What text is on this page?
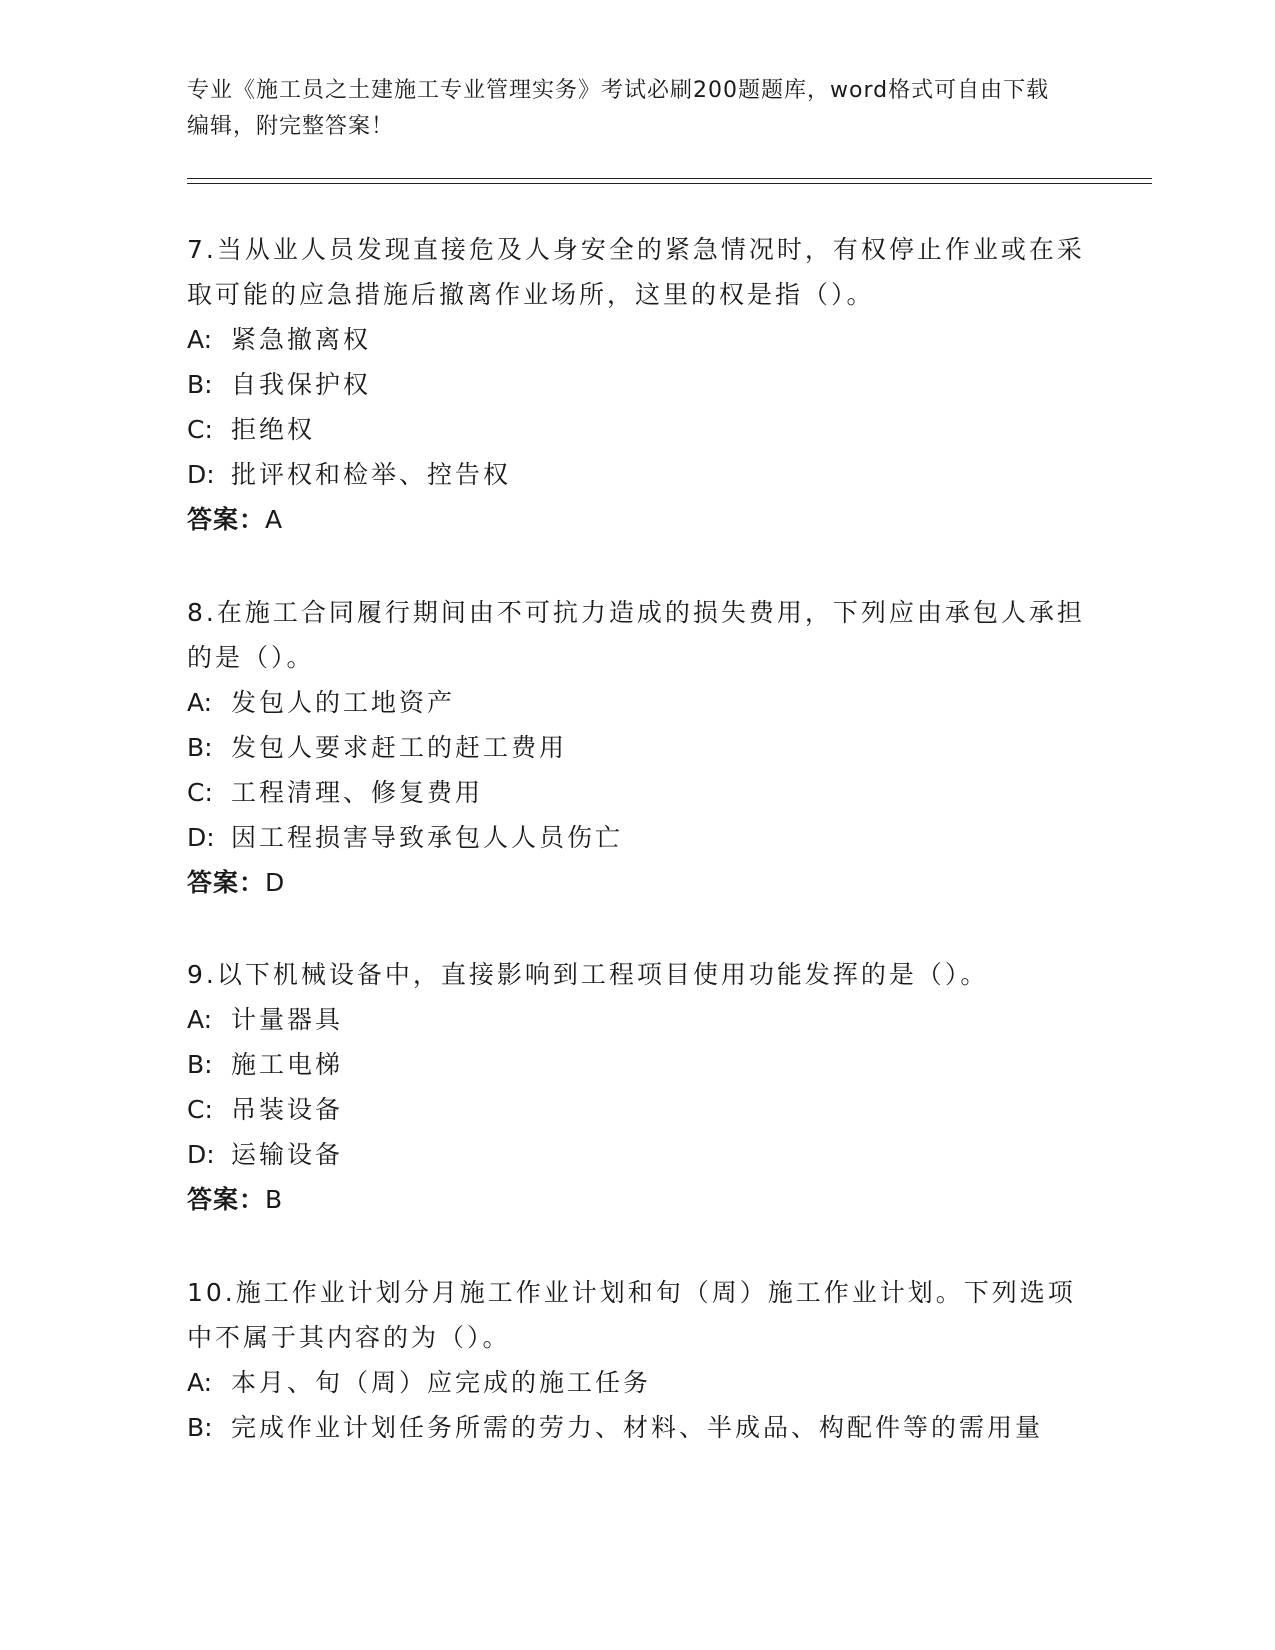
专业《施工员之土建施工专业管理实务》考试必刷200题题库，word格式可自由下载编辑，附完整答案！
7.当从业人员发现直接危及人身安全的紧急情况时，有权停止作业或在采取可能的应急措施后撤离作业场所，这里的权是指（）。
A: 紧急撤离权
B: 自我保护权
C: 拒绝权
D: 批评权和检举、控告权
答案：A
8.在施工合同履行期间由不可抗力造成的损失费用，下列应由承包人承担的是（）。
A: 发包人的工地资产
B: 发包人要求赶工的赶工费用
C: 工程清理、修复费用
D: 因工程损害导致承包人人员伤亡
答案：D
9.以下机械设备中，直接影响到工程项目使用功能发挥的是（）。
A: 计量器具
B: 施工电梯
C: 吊装设备
D: 运输设备
答案：B
10.施工作业计划分月施工作业计划和旬（周）施工作业计划。下列选项中不属于其内容的为（）。
A: 本月、旬（周）应完成的施工任务
B: 完成作业计划任务所需的劳力、材料、半成品、构配件等的需用量
